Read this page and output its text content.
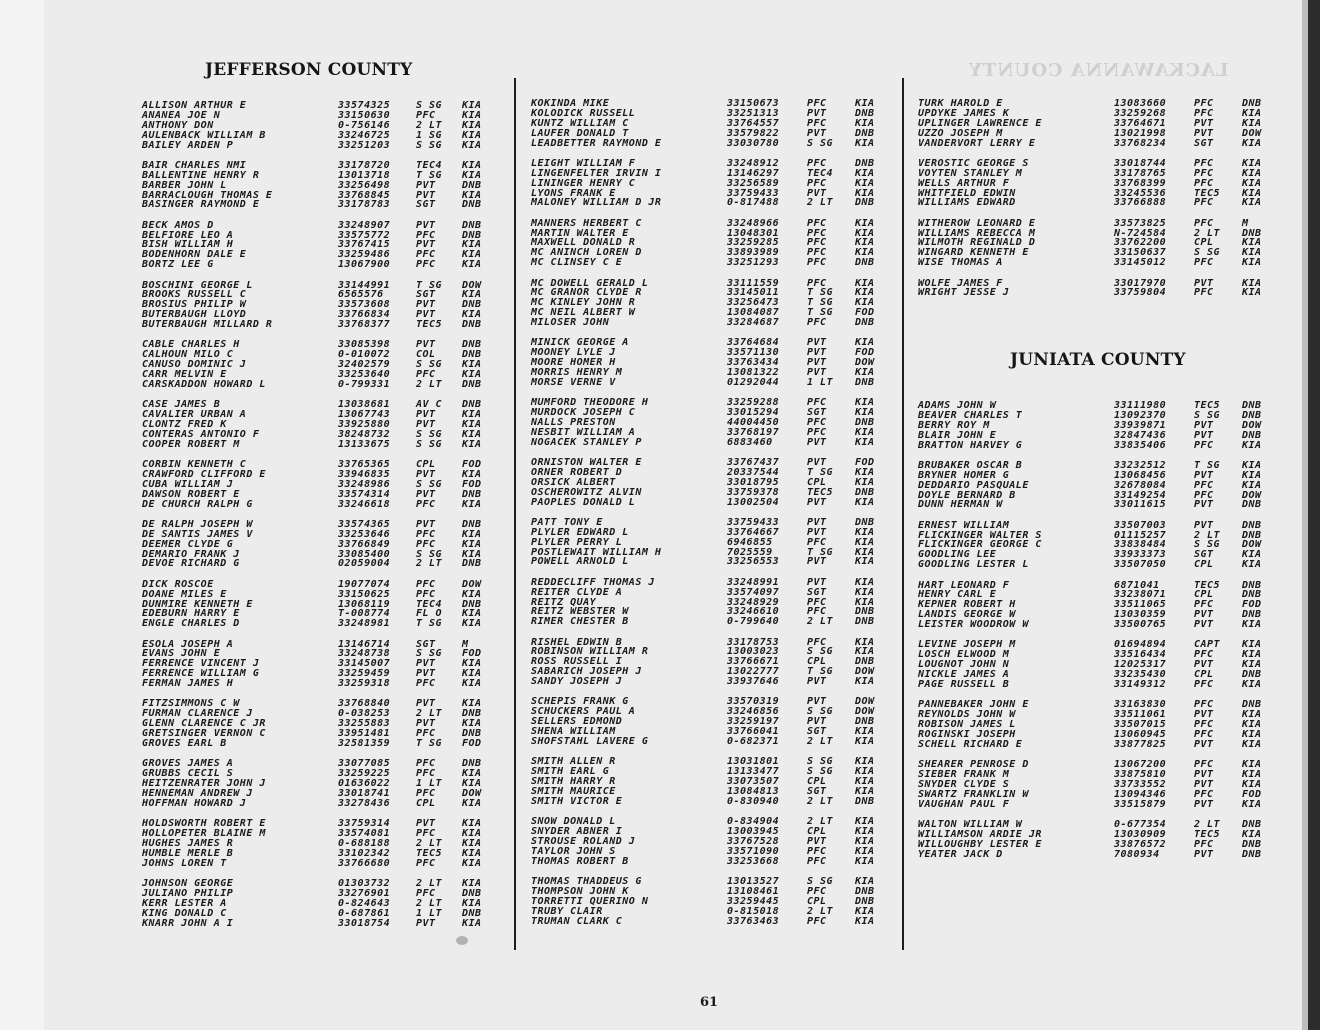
LACKAWANNA COUNTY
JEFFERSON COUNTY
JUNIATA COUNTY
ALLISON ARTHUR E	33574325	S SG	KIA
ANANEA JOE N	33150630	PFC	KIA
ANTHONY DON	0-756146	2 LT	KIA
AULENBACK WILLIAM B	33246725	1 SG	KIA
BAILEY ARDEN P	33251203	S SG	KIA
BAIR CHARLES NMI	33178720	TEC4	KIA
BALLENTINE HENRY R	13013718	T SG	KIA
BARBER JOHN L	33256498	PVT	DNB
BARRACLOUGH THOMAS E	33768845	PVT	KIA
BASINGER RAYMOND E	33178783	SGT	DNB
BECK AMOS D	33248907	PVT	DNB
BELFIORE LEO A	33575772	PFC	DNB
BISH WILLIAM H	33767415	PVT	KIA
BODENHORN DALE E	33259486	PFC	KIA
BORTZ LEE G	13067900	PFC	KIA
BOSCHINI GEORGE L	33144991	T SG	DOW
BROOKS RUSSELL C	6565576	SGT	KIA
BROSIUS PHILIP W	33573608	PVT	DNB
BUTERBAUGH LLOYD	33766834	PVT	KIA
BUTERBAUGH MILLARD R	33768377	TEC5	DNB
CABLE CHARLES H	33085398	PVT	DNB
CALHOUN MILO C	0-010072	COL	DNB
CANUSO DOMINIC J	32402579	S SG	KIA
CARR MELVIN E	33253640	PFC	KIA
CARSKADDON HOWARD L	0-799331	2 LT	DNB
CASE JAMES B	13038681	AV C	DNB
CAVALIER URBAN A	13067743	PVT	KIA
CLONTZ FRED K	33925880	PVT	KIA
CONTERAS ANTONIO F	38248732	S SG	KIA
COOPER ROBERT M	13133675	S SG	KIA
CORBIN KENNETH C	33765365	CPL	FOD
CRAWFORD CLIFFORD E	33946835	PVT	KIA
CUBA WILLIAM J	33248986	S SG	FOD
DAWSON ROBERT E	33574314	PVT	DNB
DE CHURCH RALPH G	33246618	PFC	KIA
DE RALPH JOSEPH W	33574365	PVT	DNB
DE SANTIS JAMES V	33253646	PFC	KIA
DEEMER CLYDE G	33766849	PFC	KIA
DEMARIO FRANK J	33085400	S SG	KIA
DEVOE RICHARD G	02059004	2 LT	DNB
DICK ROSCOE	19077074	PFC	DOW
DOANE MILES E	33150625	PFC	KIA
DUNMIRE KENNETH E	13068119	TEC4	DNB
EDEBURN HARRY E	T-008774	FL O	KIA
ENGLE CHARLES D	33248981	T SG	KIA
ESOLA JOSEPH A	13146714	SGT	M
EVANS JOHN E	33248738	S SG	FOD
FERRENCE VINCENT J	33145007	PVT	KIA
FERRENCE WILLIAM G	33259459	PVT	KIA
FERMAN JAMES H	33259318	PFC	KIA
FITZSIMMONS C W	33768840	PVT	KIA
FURMAN CLARENCE J	0-038253	2 LT	DNB
GLENN CLARENCE C JR	33255883	PVT	KIA
GRETSINGER VERNON C	33951481	PFC	DNB
GROVES EARL B	32581359	T SG	FOD
GROVES JAMES A	33077085	PFC	DNB
GRUBBS CECIL S	33259225	PFC	KIA
HEITZENRATER JOHN J	01636022	1 LT	KIA
HENNEMAN ANDREW J	33018741	PFC	DOW
HOFFMAN HOWARD J	33278436	CPL	KIA
HOLDSWORTH ROBERT E	33759314	PVT	KIA
HOLLOPETER BLAINE M	33574081	PFC	KIA
HUGHES JAMES R	0-688188	2 LT	KIA
HUMBLE MERLE B	33102342	TEC5	KIA
JOHNS LOREN T	33766680	PFC	KIA
JOHNSON GEORGE	01303732	2 LT	KIA
JULIANO PHILIP	33276901	PFC	DNB
KERR LESTER A	0-824643	2 LT	KIA
KING DONALD C	0-687861	1 LT	DNB
KNARR JOHN A I	33018754	PVT	KIA
KOKINDA MIKE	33150673	PFC	KIA
KOLODICK RUSSELL	33251313	PVT	DNB
KUNTZ WILLIAM C	33764557	PFC	KIA
LAUFER DONALD T	33579822	PVT	DNB
LEADBETTER RAYMOND E	33030780	S SG	KIA
LEIGHT WILLIAM F	33248912	PFC	DNB
LINGENFELTER IRVIN I	13146297	TEC4	KIA
LININGER HENRY C	33256589	PFC	KIA
LYONS FRANK E	33759433	PVT	KIA
MALONEY WILLIAM D JR	0-817488	2 LT	DNB
MANNERS HERBERT C	33248966	PFC	KIA
MARTIN WALTER E	13048301	PFC	KIA
MAXWELL DONALD R	33259285	PFC	KIA
MC ANINCH LOREN D	33893989	PFC	KIA
MC CLINSEY C E	33251293	PFC	DNB
MC DOWELL GERALD L	33111559	PFC	KIA
MC GRANOR CLYDE R	33145011	T SG	KIA
MC KINLEY JOHN R	33256473	T SG	KIA
MC NEIL ALBERT W	13084087	T SG	FOD
MILOSER JOHN	33284687	PFC	DNB
MINICK GEORGE A	33764684	PVT	KIA
MOONEY LYLE J	33571130	PVT	FOD
MOORE HOMER H	33763434	PVT	DOW
MORRIS HENRY M	13081322	PVT	KIA
MORSE VERNE V	01292044	1 LT	DNB
MUMFORD THEODORE H	33259288	PFC	KIA
MURDOCK JOSEPH C	33015294	SGT	KIA
NALLS PRESTON	44004450	PFC	DNB
NESBIT WILLIAM A	33768197	PFC	KIA
NOGACEK STANLEY P	6883460	PVT	KIA
ORNISTON WALTER E	33767437	PVT	FOD
ORNER ROBERT D	20337544	T SG	KIA
ORSICK ALBERT	33018795	CPL	KIA
OSCHEROWITZ ALVIN	33759378	TEC5	DNB
PAOPLES DONALD L	13002504	PVT	KIA
PATT TONY E	33759433	PVT	DNB
PLYLER EDWARD L	33764667	PVT	KIA
PLYLER PERRY L	6946855	PFC	KIA
POSTLEWAIT WILLIAM H	7025559	T SG	KIA
POWELL ARNOLD L	33256553	PVT	KIA
REDDECLIFF THOMAS J	33248991	PVT	KIA
REITER CLYDE A	33574097	SGT	KIA
REITZ QUAY	33248929	PFC	KIA
REITZ WEBSTER W	33246610	PFC	DNB
RIMER CHESTER B	0-799640	2 LT	DNB
RISHEL EDWIN B	33178753	PFC	KIA
ROBINSON WILLIAM R	13003023	S SG	KIA
ROSS RUSSELL I	33766671	CPL	DNB
SABARICH JOSEPH J	13022777	T SG	DOW
SANDY JOSEPH J	33937646	PVT	KIA
SCHEPIS FRANK G	33570319	PVT	DOW
SCHUCKERS PAUL A	33246856	S SG	DOW
SELLERS EDMOND	33259197	PVT	DNB
SHENA WILLIAM	33766041	SGT	KIA
SHOFSTAHL LAVERE G	0-682371	2 LT	KIA
SMITH ALLEN R	13031801	S SG	KIA
SMITH EARL G	13133477	S SG	KIA
SMITH HARRY R	33073507	CPL	KIA
SMITH MAURICE	13084813	SGT	KIA
SMITH VICTOR E	0-830940	2 LT	DNB
SNOW DONALD L	0-834904	2 LT	KIA
SNYDER ABNER I	13003945	CPL	KIA
STROUSE ROLAND J	33767528	PVT	KIA
TAYLOR JOHN S	33571090	PFC	KIA
THOMAS ROBERT B	33253668	PFC	KIA
THOMAS THADDEUS G	13013527	S SG	KIA
THOMPSON JOHN K	13108461	PFC	DNB
TORRETTI QUERINO N	33259445	CPL	DNB
TRUBY CLAIR	0-815018	2 LT	KIA
TRUMAN CLARK C	33763463	PFC	KIA
TURK HAROLD E	13083660	PFC	DNB
UPDYKE JAMES K	33259268	PFC	KIA
UPLINGER LAWRENCE E	33764671	PVT	KIA
UZZO JOSEPH M	13021998	PVT	DOW
VANDERVORT LERRY E	33768234	SGT	KIA
VEROSTIC GEORGE S	33018744	PFC	KIA
VOYTEN STANLEY M	33178765	PFC	KIA
WELLS ARTHUR F	33768399	PFC	KIA
WHITFIELD EDWIN	33245536	TEC5	KIA
WILLIAMS EDWARD	33766888	PFC	KIA
WITHEROW LEONARD E	33573825	PFC	M
WILLIAMS REBECCA M	N-724584	2 LT	DNB
WILMOTH REGINALD D	33762200	CPL	KIA
WINGARD KENNETH E	33150637	S SG	KIA
WISE THOMAS A	33145012	PFC	KIA
WOLFE JAMES F	33017970	PVT	KIA
WRIGHT JESSE J	33759804	PFC	KIA
ADAMS JOHN W	33111980	TEC5	DNB
BEAVER CHARLES T	13092370	S SG	DNB
BERRY ROY M	33939871	PVT	DOW
BLAIR JOHN E	32847436	PVT	DNB
BRATTON HARVEY G	33835406	PFC	KIA
BRUBAKER OSCAR B	33232512	T SG	KIA
BRYNER HOMER G	13068456	PVT	KIA
DEDDARIO PASQUALE	32678084	PFC	KIA
DOYLE BERNARD B	33149254	PFC	DOW
DUNN HERMAN W	33011615	PVT	DNB
ERNEST WILLIAM	33507003	PVT	DNB
FLICKINGER WALTER S	01115257	2 LT	DNB
FLICKINGER GEORGE C	33838484	S SG	DOW
GOODLING LEE	33933373	SGT	KIA
GOODLING LESTER L	33507050	CPL	KIA
HART LEONARD F	6871041	TEC5	DNB
HENRY CARL E	33238071	CPL	DNB
KEPNER ROBERT H	33511065	PFC	FOD
LANDIS GEORGE W	13030359	PVT	DNB
LEISTER WOODROW W	33500765	PVT	KIA
LEVINE JOSEPH M	01694894	CAPT	KIA
LOSCH ELWOOD M	33516434	PFC	KIA
LOUGNOT JOHN N	12025317	PVT	KIA
NICKLE JAMES A	33235430	CPL	DNB
PAGE RUSSELL B	33149312	PFC	KIA
PANNEBAKER JOHN E	33163830	PFC	DNB
REYNOLDS JOHN W	33511061	PVT	KIA
ROBISON JAMES L	33507015	PFC	KIA
ROGINSKI JOSEPH	13060945	PFC	KIA
SCHELL RICHARD E	33877825	PVT	KIA
SHEARER PENROSE D	13067200	PFC	KIA
SIEBER FRANK M	33875810	PVT	KIA
SNYDER CLYDE S	33733552	PVT	KIA
SWARTZ FRANKLIN W	13094346	PFC	FOD
VAUGHAN PAUL F	33515879	PVT	KIA
WALTON WILLIAM W	0-677354	2 LT	DNB
WILLIAMSON ARDIE JR	13030909	TEC5	KIA
WILLOUGHBY LESTER E	33876572	PFC	DNB
YEATER JACK D	7080934	PVT	DNB
61
